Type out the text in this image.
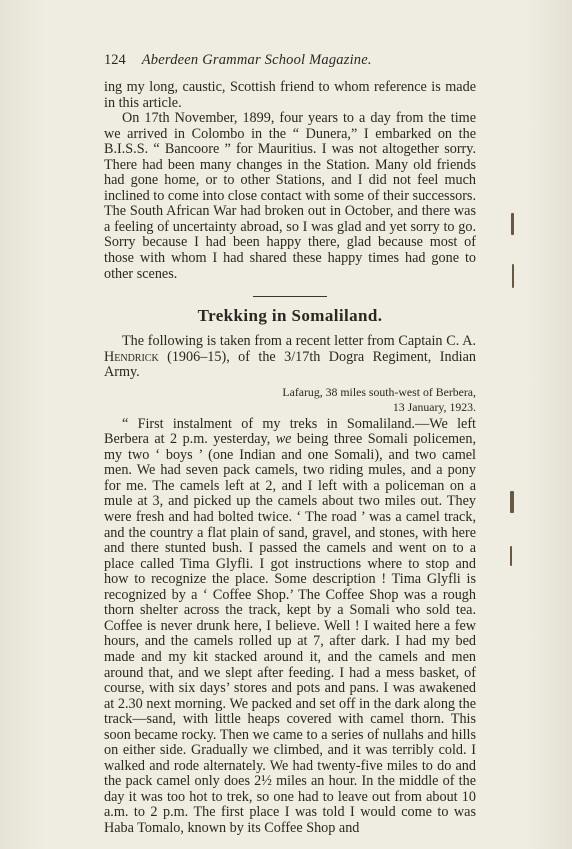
124 Aberdeen Grammar School Magazine.

ing my long, caustic, Scottish friend to whom reference is made in this article.

On 17th November, 1899, four years to a day from the time we arrived in Colombo in the “ Dunera,” I embarked on the B.I.S.S. “ Bancoore ” for Mauritius. I was not altogether sorry. There had been many changes in the Station. Many old friends had gone home, or to other Stations, and I did not feel much inclined to come into close contact with some of their successors. The South African War had broken out in October, and there was a feeling of uncertainty abroad, so I was glad and yet sorry to go. Sorry because I had been happy there, glad because most of those with whom I had shared these happy times had gone to other scenes.

Trekking in Somaliland.

The following is taken from a recent letter from Captain C. A. Hendrick (1906–15), of the 3/17th Dogra Regiment, Indian Army.

Lafarug, 38 miles south-west of Berbera,
13 January, 1923.

“ First instalment of my treks in Somaliland.—We left Berbera at 2 p.m. yesterday, we being three Somali policemen, my two ‘ boys ’ (one Indian and one Somali), and two camel men. We had seven pack camels, two riding mules, and a pony for me. The camels left at 2, and I left with a policeman on a mule at 3, and picked up the camels about two miles out. They were fresh and had bolted twice. ‘ The road ’ was a camel track, and the country a flat plain of sand, gravel, and stones, with here and there stunted bush. I passed the camels and went on to a place called Tima Glyfli. I got instructions where to stop and how to recognize the place. Some description ! Tima Glyfli is recognized by a ‘ Coffee Shop.’ The Coffee Shop was a rough thorn shelter across the track, kept by a Somali who sold tea. Coffee is never drunk here, I believe. Well ! I waited here a few hours, and the camels rolled up at 7, after dark. I had my bed made and my kit stacked around it, and the camels and men around that, and we slept after feeding. I had a mess basket, of course, with six days’ stores and pots and pans. I was awakened at 2.30 next morning. We packed and set off in the dark along the track—sand, with little heaps covered with camel thorn. This soon became rocky. Then we came to a series of nullahs and hills on either side. Gradually we climbed, and it was terribly cold. I walked and rode alternately. We had twenty-five miles to do and the pack camel only does 2½ miles an hour. In the middle of the day it was too hot to trek, so one had to leave out from about 10 a.m. to 2 p.m. The first place I was told I would come to was Haba Tomalo, known by its Coffee Shop and
